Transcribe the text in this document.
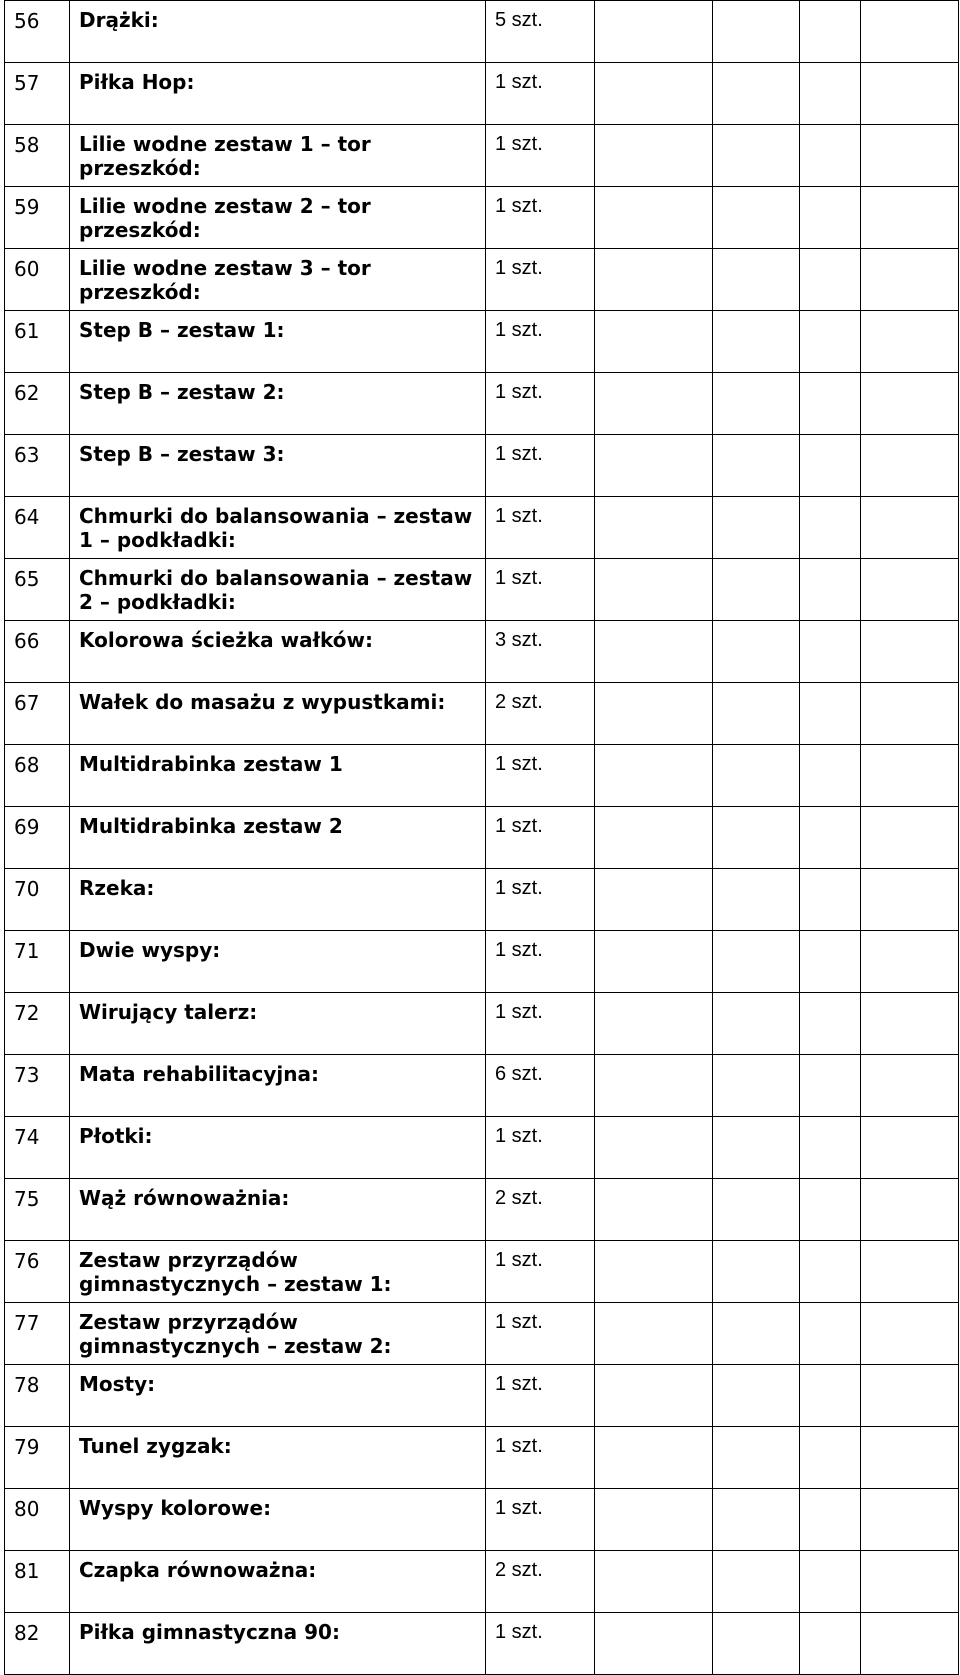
56	Drążki:	5 szt.				
57	Piłka Hop:	1 szt.				
58	Lilie wodne zestaw 1 – tor przeszkód:	1 szt.				
59	Lilie wodne zestaw 2 – tor przeszkód:	1 szt.				
60	Lilie wodne zestaw 3 – tor przeszkód:	1 szt.				
61	Step B – zestaw 1:	1 szt.				
62	Step B – zestaw 2:	1 szt.				
63	Step B – zestaw 3:	1 szt.				
64	Chmurki do balansowania – zestaw 1 – podkładki:	1 szt.				
65	Chmurki do balansowania – zestaw 2 – podkładki:	1 szt.				
66	Kolorowa ścieżka wałków:	3 szt.				
67	Wałek do masażu z wypustkami:	2 szt.				
68	Multidrabinka zestaw 1	1 szt.				
69	Multidrabinka zestaw 2	1 szt.				
70	Rzeka:	1 szt.				
71	Dwie wyspy:	1 szt.				
72	Wirujący talerz:	1 szt.				
73	Mata rehabilitacyjna:	6 szt.				
74	Płotki:	1 szt.				
75	Wąż równoważnia:	2 szt.				
76	Zestaw przyrządów gimnastycznych – zestaw 1:	1 szt.				
77	Zestaw przyrządów gimnastycznych – zestaw 2:	1 szt.				
78	Mosty:	1 szt.				
79	Tunel zygzak:	1 szt.				
80	Wyspy kolorowe:	1 szt.				
81	Czapka równoważna:	2 szt.				
82	Piłka gimnastyczna 90:	1 szt.				
